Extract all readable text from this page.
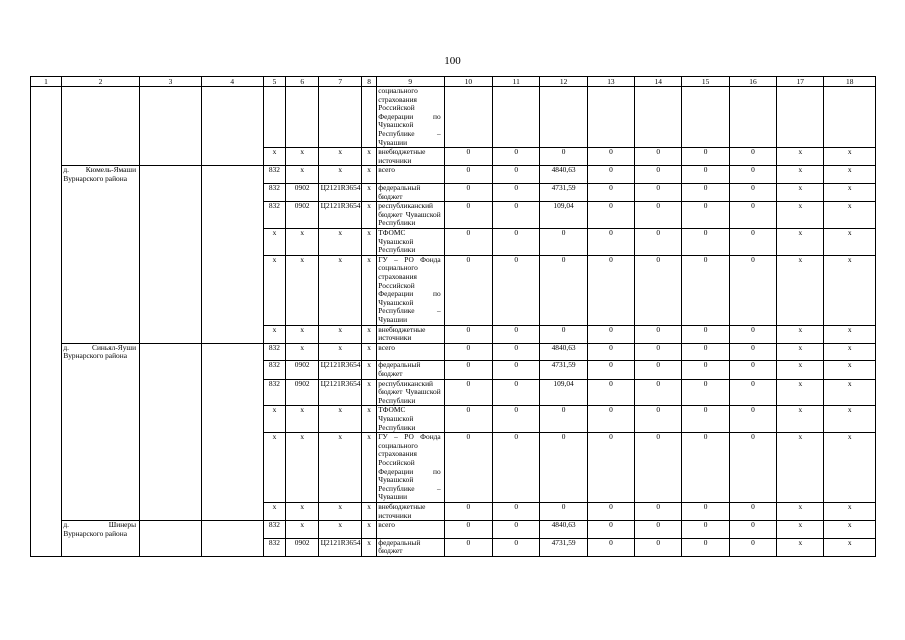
100
1	2	3	4	5	6	7	8	9	10	11	12	13	14	15	16	17	18
								социального страхования Российской Федерации по Чувашской Республике – Чувашии									
				x	x	x	x	внебюджетные источники	0	0	0	0	0	0	0	x	x
	д. Кюмель-Ямаши Вурнарского района			832	x	x	x	всего	0	0	4840,63	0	0	0	0	x	x
				832	0902	Ц2121R3654	x	федеральный бюджет	0	0	4731,59	0	0	0	0	x	x
				832	0902	Ц2121R3654	x	республиканский бюджет Чувашской Республики	0	0	109,04	0	0	0	0	x	x
				x	x	x	x	ТФОМС Чувашской Республики	0	0	0	0	0	0	0	x	x
				x	x	x	x	ГУ – РО Фонда социального страхования Российской Федерации по Чувашской Республике – Чувашии	0	0	0	0	0	0	0	x	x
				x	x	x	x	внебюджетные источники	0	0	0	0	0	0	0	x	x
	д. Синьял-Яуши Вурнарского района			832	x	x	x	всего	0	0	4840,63	0	0	0	0	x	x
				832	0902	Ц2121R3654	x	федеральный бюджет	0	0	4731,59	0	0	0	0	x	x
				832	0902	Ц2121R3654	x	республиканский бюджет Чувашской Республики	0	0	109,04	0	0	0	0	x	x
				x	x	x	x	ТФОМС Чувашской Республики	0	0	0	0	0	0	0	x	x
				x	x	x	x	ГУ – РО Фонда социального страхования Российской Федерации по Чувашской Республике – Чувашии	0	0	0	0	0	0	0	x	x
				x	x	x	x	внебюджетные источники	0	0	0	0	0	0	0	x	x
	д. Шинеры Вурнарского района			832	x	x	x	всего	0	0	4840,63	0	0	0	0	x	x
				832	0902	Ц2121R3654	x	федеральный бюджет	0	0	4731,59	0	0	0	0	x	x
